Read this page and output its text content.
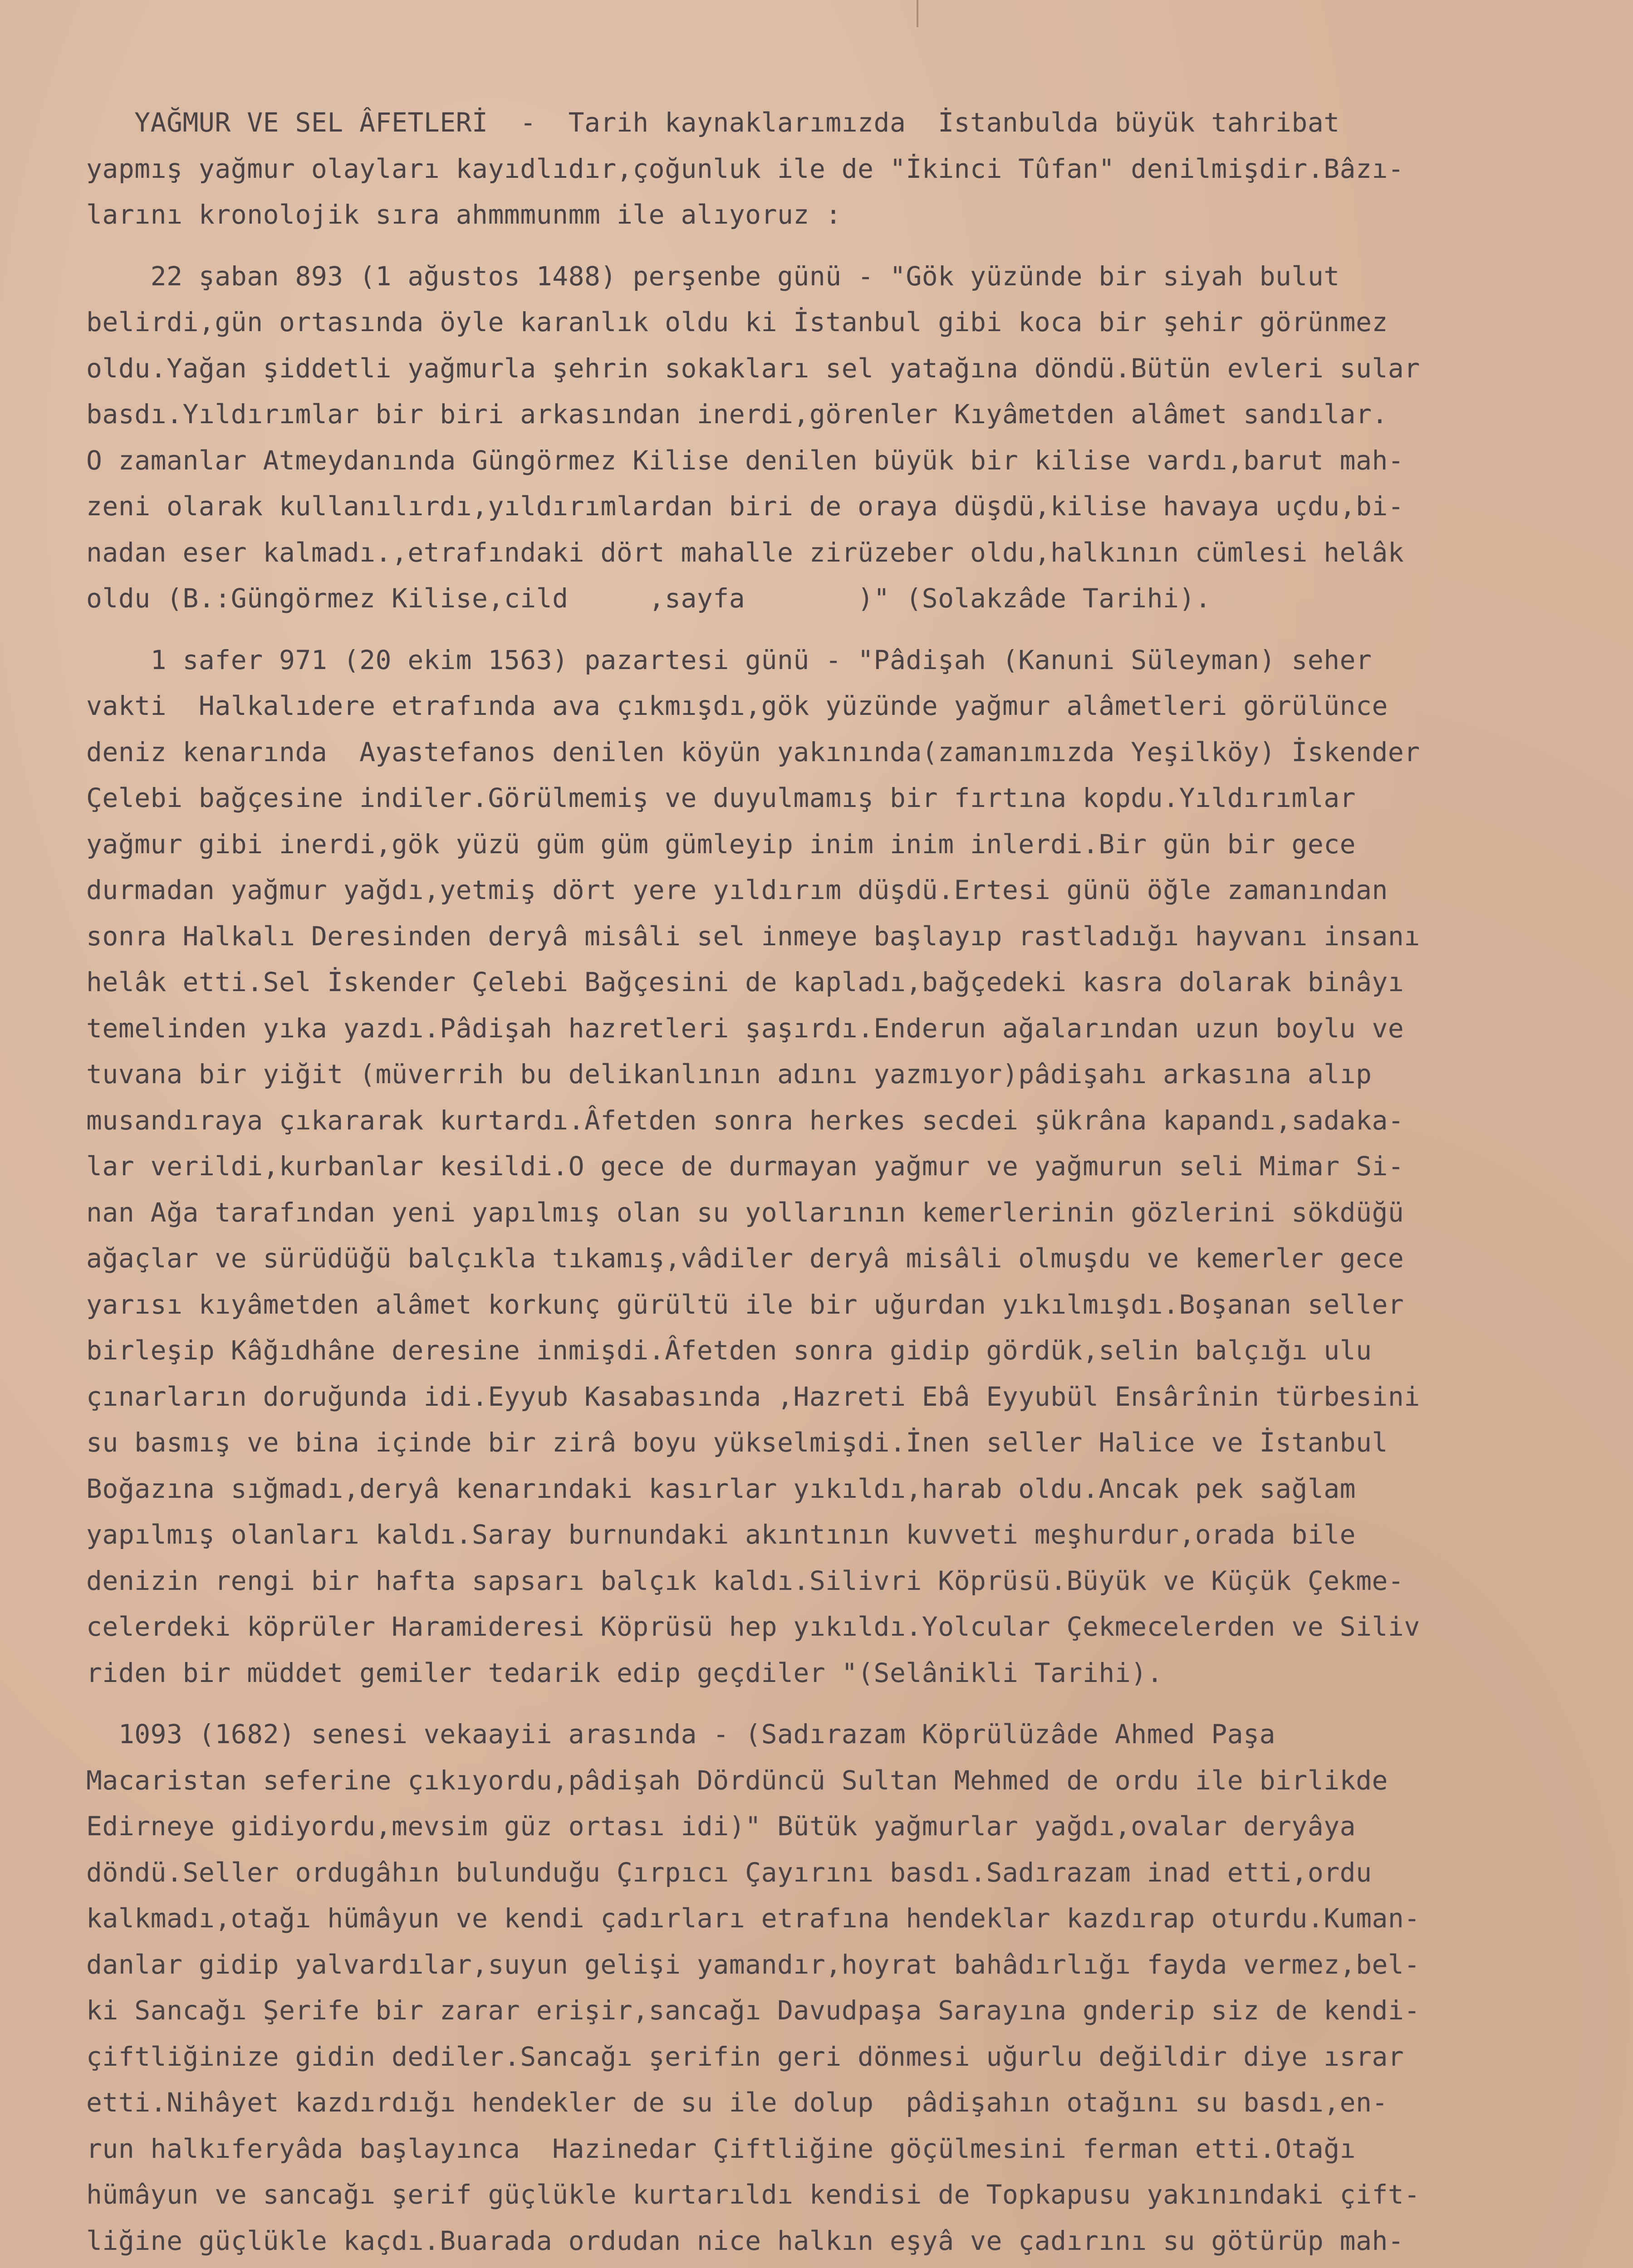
YAĞMUR VE SEL ÂFETLERİ  -  Tarih kaynaklarımızda  İstanbulda büyük tahribat
yapmış yağmur olayları kayıdlıdır,çoğunluk ile de "İkinci Tûfan" denilmişdir.Bâzı-
larını kronolojik sıra ahmmmunmm ile alıyoruz :
22 şaban 893 (1 ağustos 1488) perşenbe günü - "Gök yüzünde bir siyah bulut
belirdi,gün ortasında öyle karanlık oldu ki İstanbul gibi koca bir şehir görünmez
oldu.Yağan şiddetli yağmurla şehrin sokakları sel yatağına döndü.Bütün evleri sular
basdı.Yıldırımlar bir biri arkasından inerdi,görenler Kıyâmetden alâmet sandılar.
O zamanlar Atmeydanında Güngörmez Kilise denilen büyük bir kilise vardı,barut mah-
zeni olarak kullanılırdı,yıldırımlardan biri de oraya düşdü,kilise havaya uçdu,bi-
nadan eser kalmadı.,etrafındaki dört mahalle zirüzeber oldu,halkının cümlesi helâk
oldu (B.:Güngörmez Kilise,cild     ,sayfa       )" (Solakzâde Tarihi).
1 safer 971 (20 ekim 1563) pazartesi günü - "Pâdişah (Kanuni Süleyman) seher
vakti  Halkalıdere etrafında ava çıkmışdı,gök yüzünde yağmur alâmetleri görülünce
deniz kenarında  Ayastefanos denilen köyün yakınında(zamanımızda Yeşilköy) İskender
Çelebi bağçesine indiler.Görülmemiş ve duyulmamış bir fırtına kopdu.Yıldırımlar
yağmur gibi inerdi,gök yüzü güm güm gümleyip inim inim inlerdi.Bir gün bir gece
durmadan yağmur yağdı,yetmiş dört yere yıldırım düşdü.Ertesi günü öğle zamanından
sonra Halkalı Deresinden deryâ misâli sel inmeye başlayıp rastladığı hayvanı insanı
helâk etti.Sel İskender Çelebi Bağçesini de kapladı,bağçedeki kasra dolarak binâyı
temelinden yıka yazdı.Pâdişah hazretleri şaşırdı.Enderun ağalarından uzun boylu ve
tuvana bir yiğit (müverrih bu delikanlının adını yazmıyor)pâdişahı arkasına alıp
musandıraya çıkararak kurtardı.Âfetden sonra herkes secdei şükrâna kapandı,sadaka-
lar verildi,kurbanlar kesildi.O gece de durmayan yağmur ve yağmurun seli Mimar Si-
nan Ağa tarafından yeni yapılmış olan su yollarının kemerlerinin gözlerini sökdüğü
ağaçlar ve sürüdüğü balçıkla tıkamış,vâdiler deryâ misâli olmuşdu ve kemerler gece
yarısı kıyâmetden alâmet korkunç gürültü ile bir uğurdan yıkılmışdı.Boşanan seller
birleşip Kâğıdhâne deresine inmişdi.Âfetden sonra gidip gördük,selin balçığı ulu
çınarların doruğunda idi.Eyyub Kasabasında ,Hazreti Ebâ Eyyubül Ensârînin türbesini
su basmış ve bina içinde bir zirâ boyu yükselmişdi.İnen seller Halice ve İstanbul
Boğazına sığmadı,deryâ kenarındaki kasırlar yıkıldı,harab oldu.Ancak pek sağlam
yapılmış olanları kaldı.Saray burnundaki akıntının kuvveti meşhurdur,orada bile
denizin rengi bir hafta sapsarı balçık kaldı.Silivri Köprüsü.Büyük ve Küçük Çekme-
celerdeki köprüler Haramideresi Köprüsü hep yıkıldı.Yolcular Çekmecelerden ve Siliv
riden bir müddet gemiler tedarik edip geçdiler "(Selânikli Tarihi).
1093 (1682) senesi vekaayii arasında - (Sadırazam Köprülüzâde Ahmed Paşa
Macaristan seferine çıkıyordu,pâdişah Dördüncü Sultan Mehmed de ordu ile birlikde
Edirneye gidiyordu,mevsim güz ortası idi)" Bütük yağmurlar yağdı,ovalar deryâya
döndü.Seller ordugâhın bulunduğu Çırpıcı Çayırını basdı.Sadırazam inad etti,ordu
kalkmadı,otağı hümâyun ve kendi çadırları etrafına hendeklar kazdırap oturdu.Kuman-
danlar gidip yalvardılar,suyun gelişi yamandır,hoyrat bahâdırlığı fayda vermez,bel-
ki Sancağı Şerife bir zarar erişir,sancağı Davudpaşa Sarayına gnderip siz de kendi-
çiftliğinize gidin dediler.Sancağı şerifin geri dönmesi uğurlu değildir diye ısrar
etti.Nihâyet kazdırdığı hendekler de su ile dolup  pâdişahın otağını su basdı,en-
run halkıferyâda başlayınca  Hazinedar Çiftliğine göçülmesini ferman etti.Otağı
hümâyun ve sancağı şerif güçlükle kurtarıldı kendisi de Topkapusu yakınındaki çift-
liğine güçlükle kaçdı.Buarada ordudan nice halkın eşyâ ve çadırını su götürüp mah-
